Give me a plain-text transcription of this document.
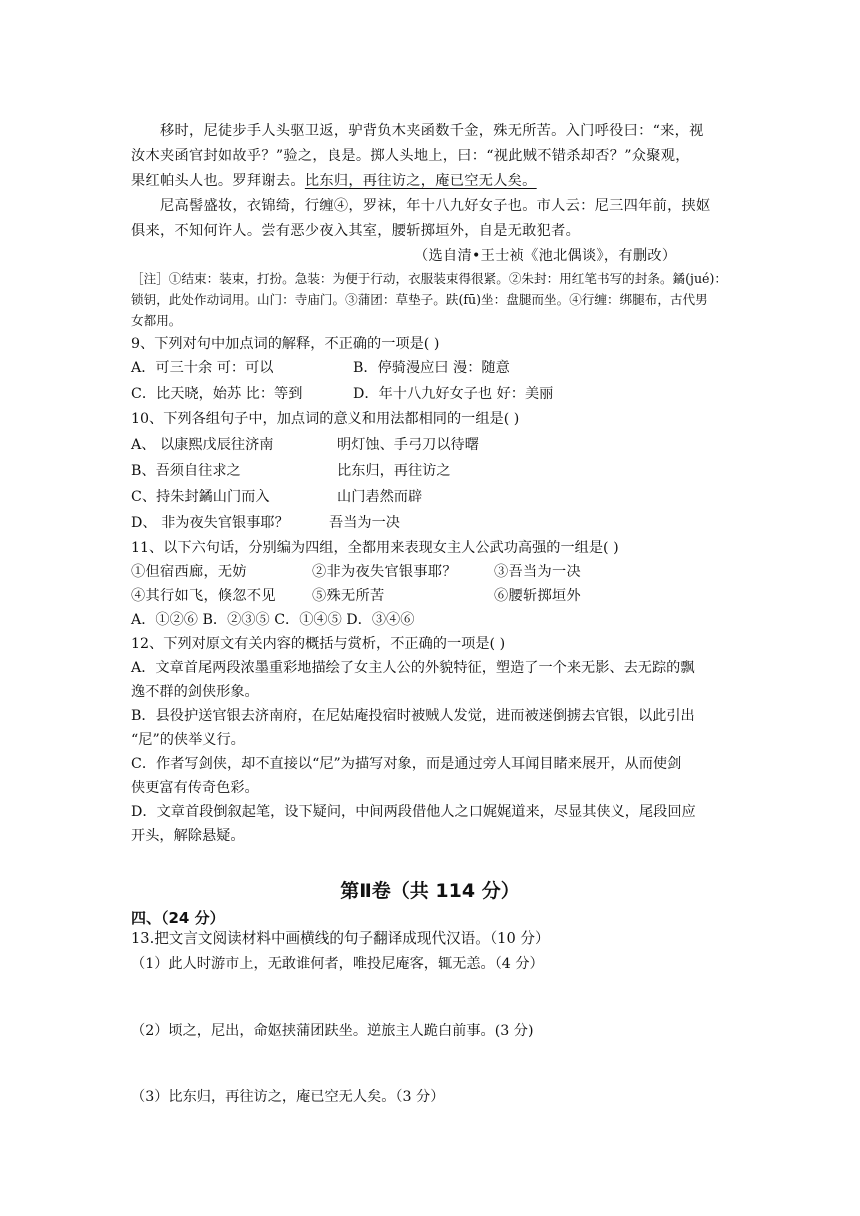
移时，尼徒步手人头驱卫返，驴背负木夹函数千金，殊无所苦。入门呼役曰：“来，视
汝木夹函官封如故乎？”验之，良是。掷人头地上，曰：“视此贼不错杀却否？”众聚观，
果红帕头人也。罗拜谢去。比东归，再往访之，庵已空无人矣。
尼高髻盛妆，衣锦绮，行缠④，罗袜，年十八九好女子也。市人云：尼三四年前，挟妪
俱来，不知何许人。尝有恶少夜入其室，腰斩掷垣外，自是无敢犯者。
（选自清•王士祯《池北偶谈》，有删改）
［注］①结束：装束，打扮。急装：为便于行动，衣服装束得很紧。②朱封：用红笔书写的封条。鐍(jué)：
锁钥，此处作动词用。山门：寺庙门。③蒲团：草垫子。趺(fū)坐：盘腿而坐。④行缠：绑腿布，古代男
女都用。
9、下列对句中加点词的解释，不正确的一项是( )
A．可三十余 可：可以	B．停骑漫应曰 漫：随意
C．比天晓，始苏 比：等到	D．年十八九好女子也 好：美丽
10、下列各组句子中，加点词的意义和用法都相同的一组是( )
A、 以康熙戊辰往济南	明灯蚀、手弓刀以待曙
B、吾须自往求之	比东归，再往访之
C、持朱封鐍山门而入	山门砉然而辟
D、 非为夜失官银事耶？	吾当为一决
11、以下六句话，分别编为四组，全都用来表现女主人公武功高强的一组是( )
①但宿西廊，无妨	②非为夜失官银事耶？	③吾当为一决
④其行如飞，倏忽不见	⑤殊无所苦	⑥腰斩掷垣外
A．①②⑥ B．②③⑤ C．①④⑤ D．③④⑥
12、下列对原文有关内容的概括与赏析，不正确的一项是( )
A．文章首尾两段浓墨重彩地描绘了女主人公的外貌特征，塑造了一个来无影、去无踪的飘
逸不群的剑侠形象。
B．县役护送官银去济南府，在尼姑庵投宿时被贼人发觉，进而被迷倒掳去官银，以此引出
“尼”的侠举义行。
C．作者写剑侠，却不直接以“尼”为描写对象，而是通过旁人耳闻目睹来展开，从而使剑
侠更富有传奇色彩。
D．文章首段倒叙起笔，设下疑问，中间两段借他人之口娓娓道来，尽显其侠义，尾段回应
开头，解除悬疑。
第Ⅱ卷（共 114 分）
四、（24 分）
13.把文言文阅读材料中画横线的句子翻译成现代汉语。（10 分）
（1）此人时游市上，无敢谁何者，唯投尼庵客，辄无恙。（4 分）
（2）顷之，尼出，命妪挟蒲团趺坐。逆旅主人跪白前事。(3 分)
（3）比东归，再往访之，庵已空无人矣。（3 分）
